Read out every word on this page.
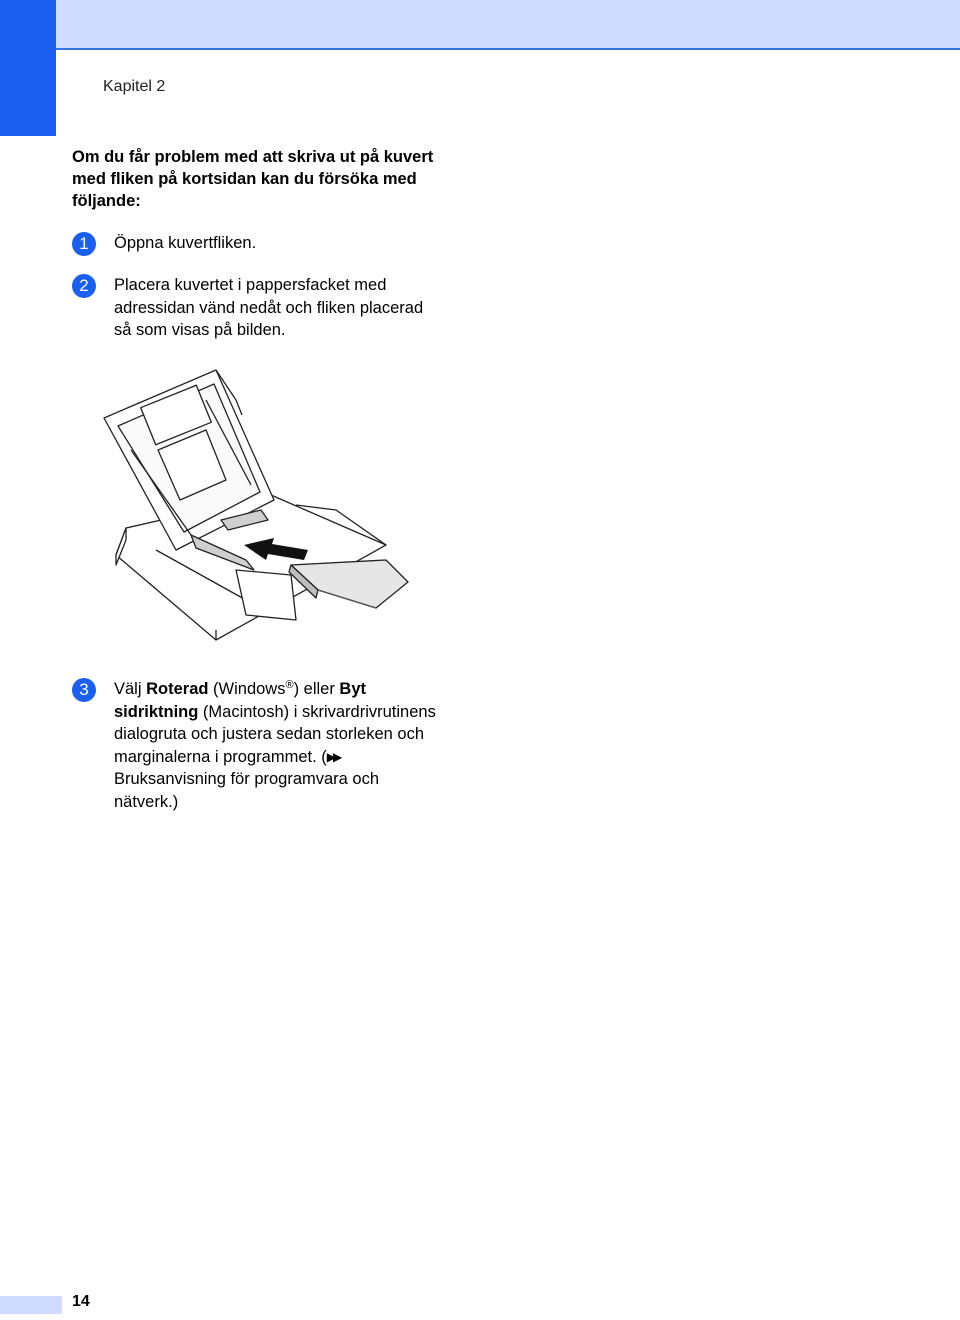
Kapitel 2
Om du får problem med att skriva ut på kuvert med fliken på kortsidan kan du försöka med följande:
1	Öppna kuvertfliken.
2	Placera kuvertet i pappersfacket med adressidan vänd nedåt och fliken placerad så som visas på bilden.
3	Välj Roterad (Windows®) eller Byt sidriktning (Macintosh) i skrivardrivrutinens dialogruta och justera sedan storleken och marginalerna i programmet. (▶▶ Bruksanvisning för programvara och nätverk.)
14
